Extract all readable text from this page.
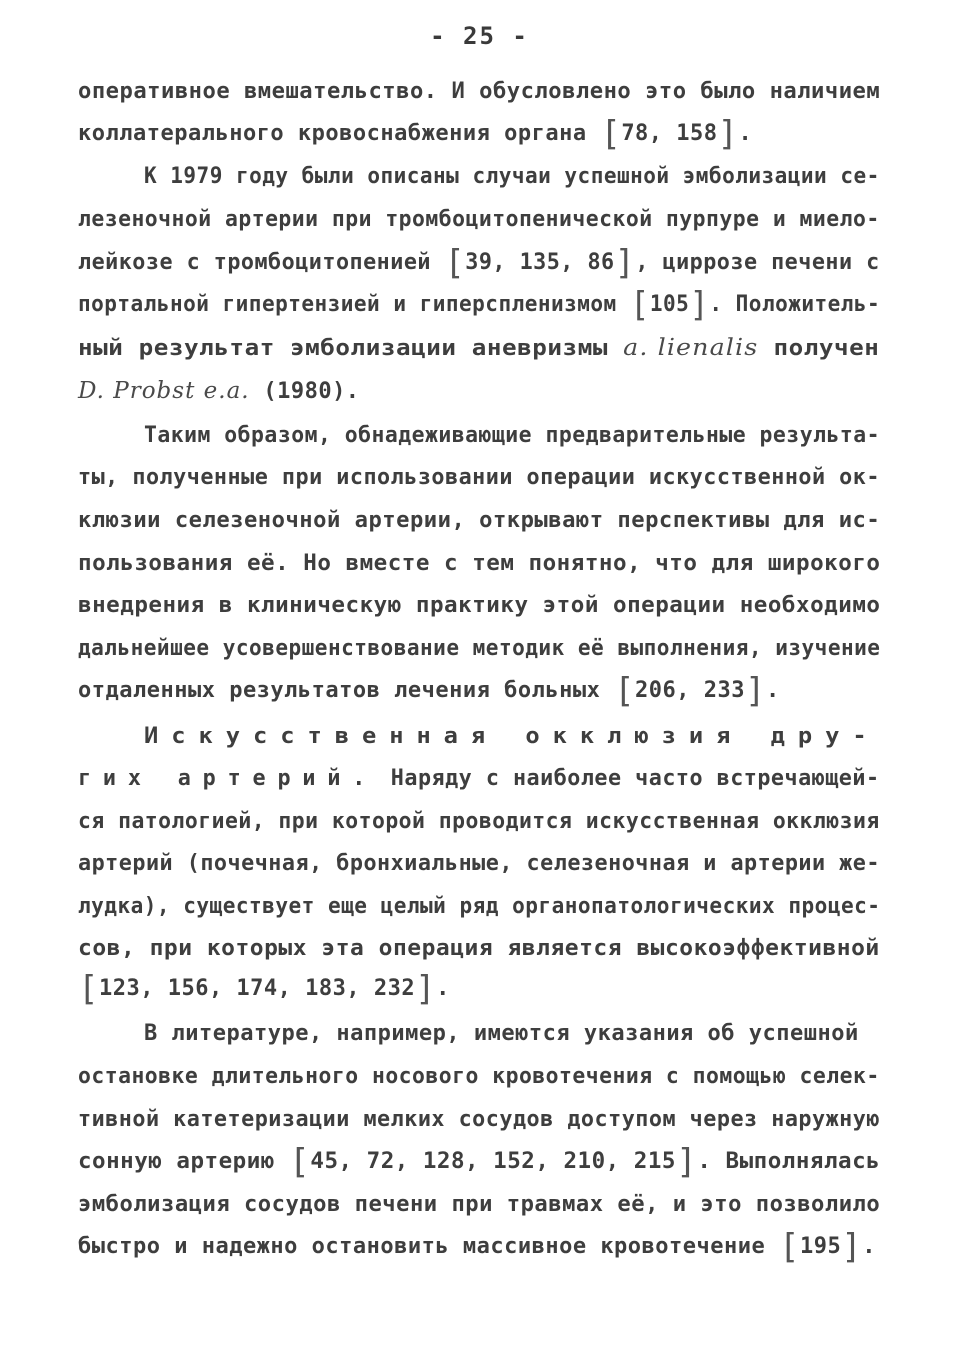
- 25 -
оперативное вмешательство. И обусловлено это было наличием
коллатерального кровоснабжения органа [78, 158].
К 1979 году были описаны случаи успешной эмболизации се-
лезеночной артерии при тромбоцитопенической пурпуре и миело-
лейкозе с тромбоцитопенией [39, 135, 86], циррозе печени с
портальной гипертензией и гиперспленизмом [105]. Положитель-
ный результат эмболизации аневризмы a. lienalis получен
D. Probst e.a. (1980).
Таким образом, обнадеживающие предварительные результа-
ты, полученные при использовании операции искусственной ок-
клюзии селезеночной артерии, открывают перспективы для ис-
пользования её. Но вместе с тем понятно, что для широкого
внедрения в клиническую практику этой операции необходимо
дальнейшее усовершенствование методик её выполнения, изучение
отдаленных результатов лечения больных [206, 233].
Искусственная окклюзия дру-
гих артерий. Наряду с наиболее часто встречающей-
ся патологией, при которой проводится искусственная окклюзия
артерий (почечная, бронхиальные, селезеночная и артерии же-
лудка), существует еще целый ряд органопатологических процес-
сов, при которых эта операция является высокоэффективной
[123, 156, 174, 183, 232].
В литературе, например, имеются указания об успешной
остановке длительного носового кровотечения с помощью селек-
тивной катетеризации мелких сосудов доступом через наружную
сонную артерию [45, 72, 128, 152, 210, 215]. Выполнялась
эмболизация сосудов печени при травмах её, и это позволило
быстро и надежно остановить массивное кровотечение [195].
